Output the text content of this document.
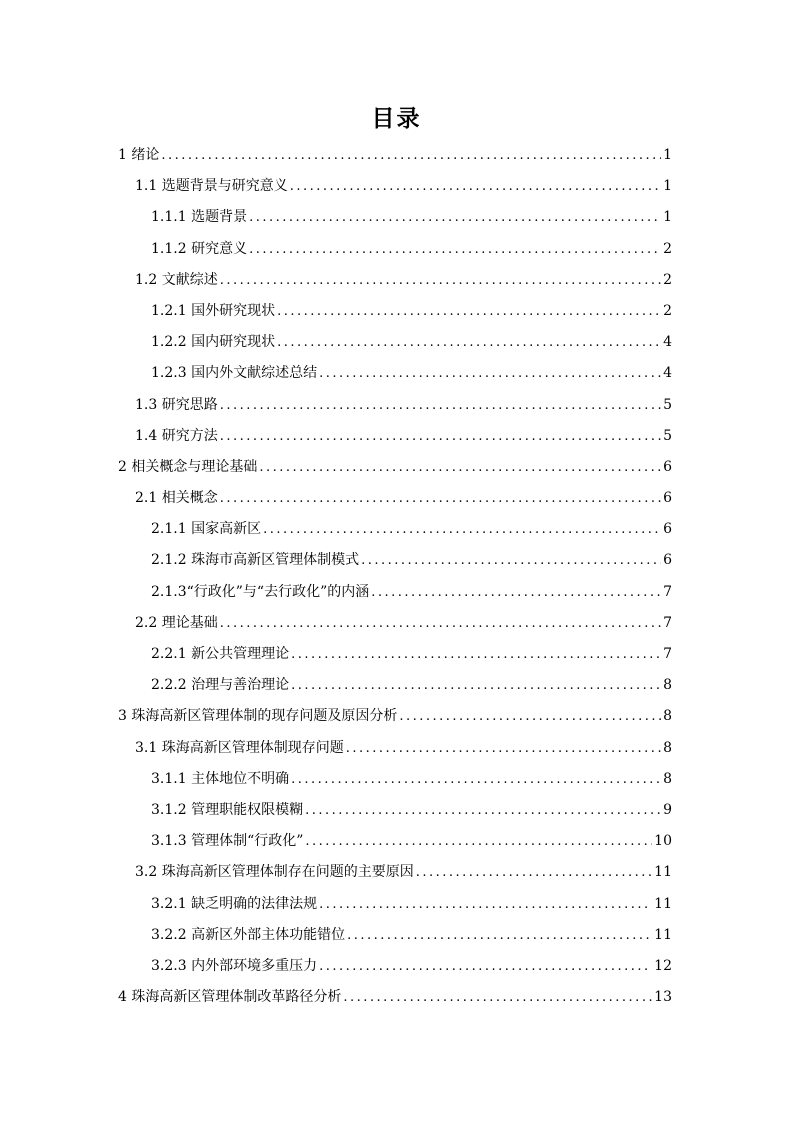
目录
1 绪论 .....	1
1.1 选题背景与研究意义 .....	1
1.1.1 选题背景 .....	1
1.1.2 研究意义 .....	2
1.2 文献综述 .....	2
1.2.1 国外研究现状 .....	2
1.2.2 国内研究现状 .....	4
1.2.3 国内外文献综述总结 .....	4
1.3 研究思路 .....	5
1.4 研究方法 .....	5
2 相关概念与理论基础 .....	6
2.1 相关概念 .....	6
2.1.1 国家高新区 .....	6
2.1.2 珠海市高新区管理体制模式 .....	6
2.1.3“行政化”与“去行政化”的内涵 .....	7
2.2 理论基础 .....	7
2.2.1 新公共管理理论 .....	7
2.2.2 治理与善治理论 .....	8
3 珠海高新区管理体制的现存问题及原因分析 .....	8
3.1 珠海高新区管理体制现存问题 .....	8
3.1.1 主体地位不明确 .....	8
3.1.2 管理职能权限模糊 .....	9
3.1.3 管理体制“行政化” .....	10
3.2 珠海高新区管理体制存在问题的主要原因 .....	11
3.2.1 缺乏明确的法律法规 .....	11
3.2.2 高新区外部主体功能错位 .....	11
3.2.3 内外部环境多重压力 .....	12
4 珠海高新区管理体制改革路径分析 .....	13
